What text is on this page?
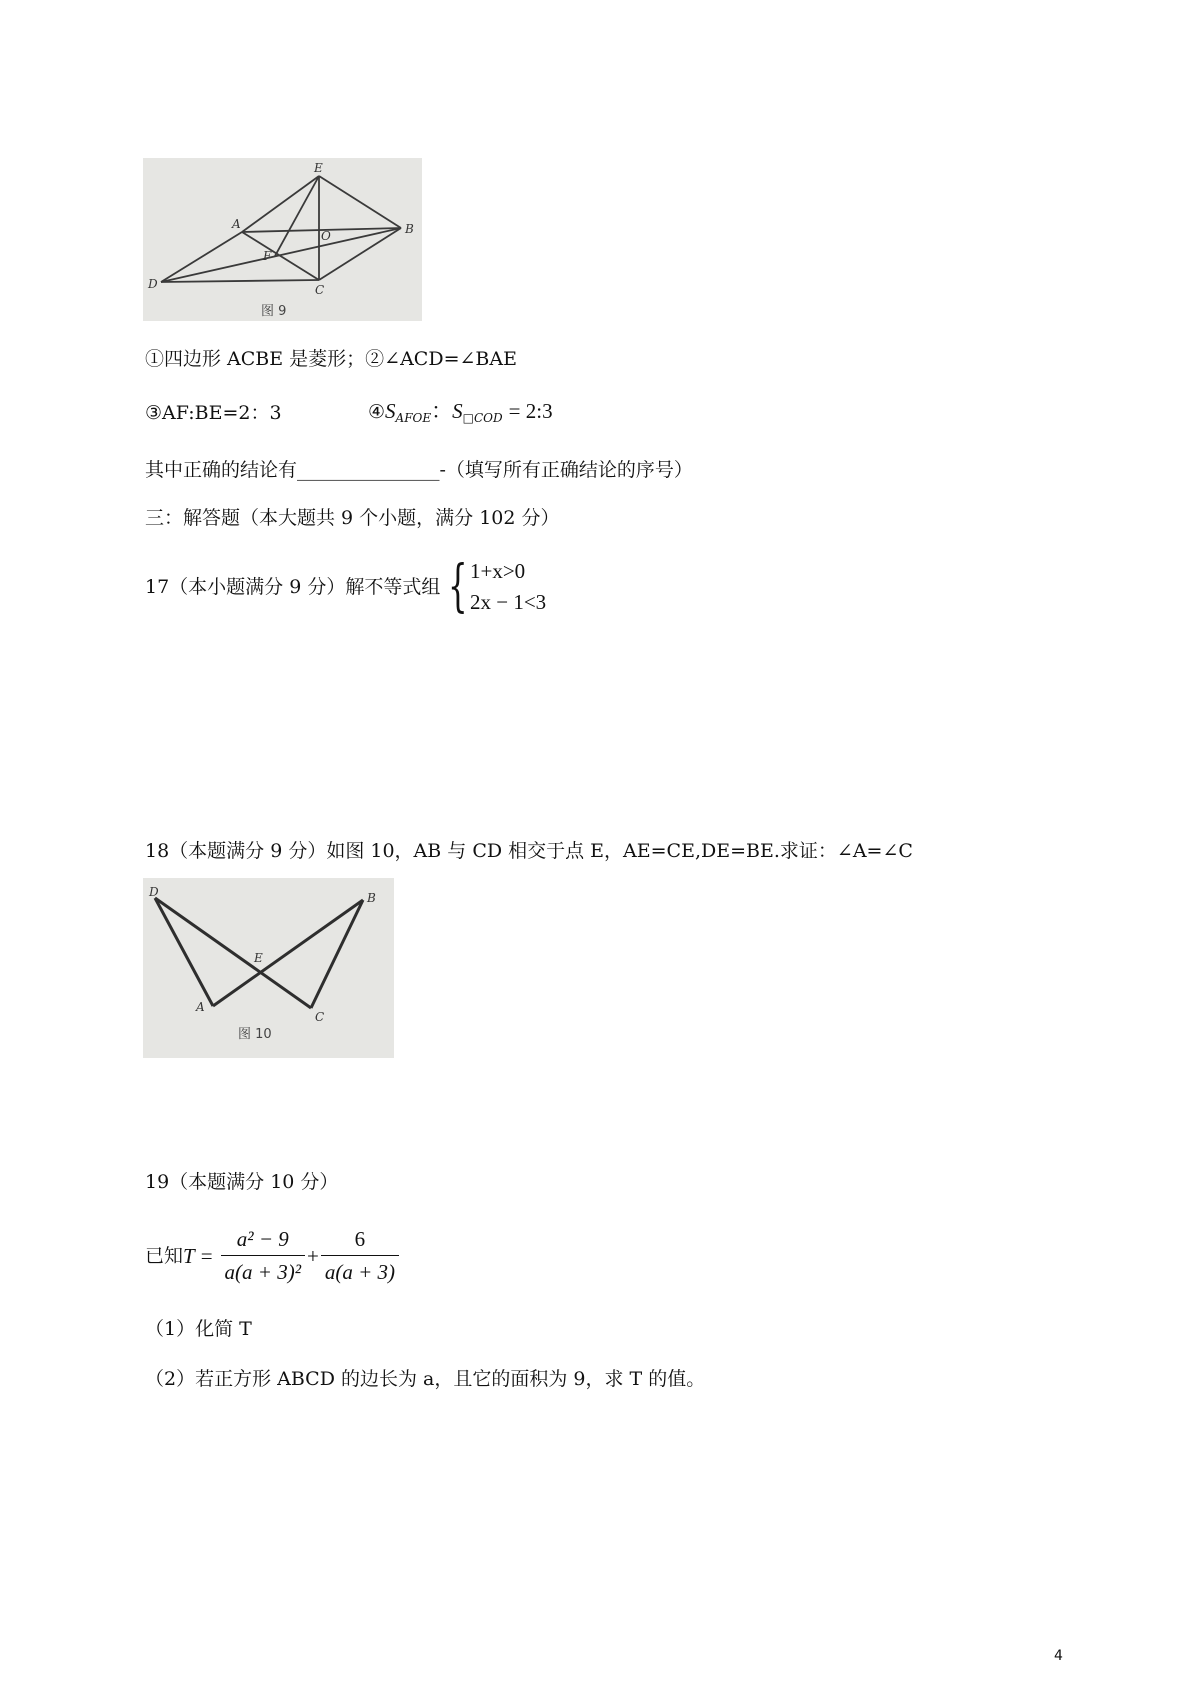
E
A
O	B
F
D	C
图 9
①四边形 ACBE 是菱形；②∠ACD=∠BAE
③AF:BE=2：3	$④S_{AFOE}$：$S_{□COD}$ = 2:3
其中正确的结论有_______________-（填写所有正确结论的序号）
三：解答题（本大题共 9 个小题，满分 102 分）
17（本小题满分 9 分）解不等式组 { 1+x>0
2x − 1<3
18（本题满分 9 分）如图 10，AB 与 CD 相交于点 E，AE=CE,DE=BE.求证：∠A=∠C
D	B
E
A
C
图 10
19（本题满分 10 分）
已知 $T = \frac{\text{a² − 9}}{\text{a(a + 3)²}} + \frac{6}{a(a + 3)}$
（1）化简 T
（2）若正方形 ABCD 的边长为 a，且它的面积为 9，求 T 的值。
4
